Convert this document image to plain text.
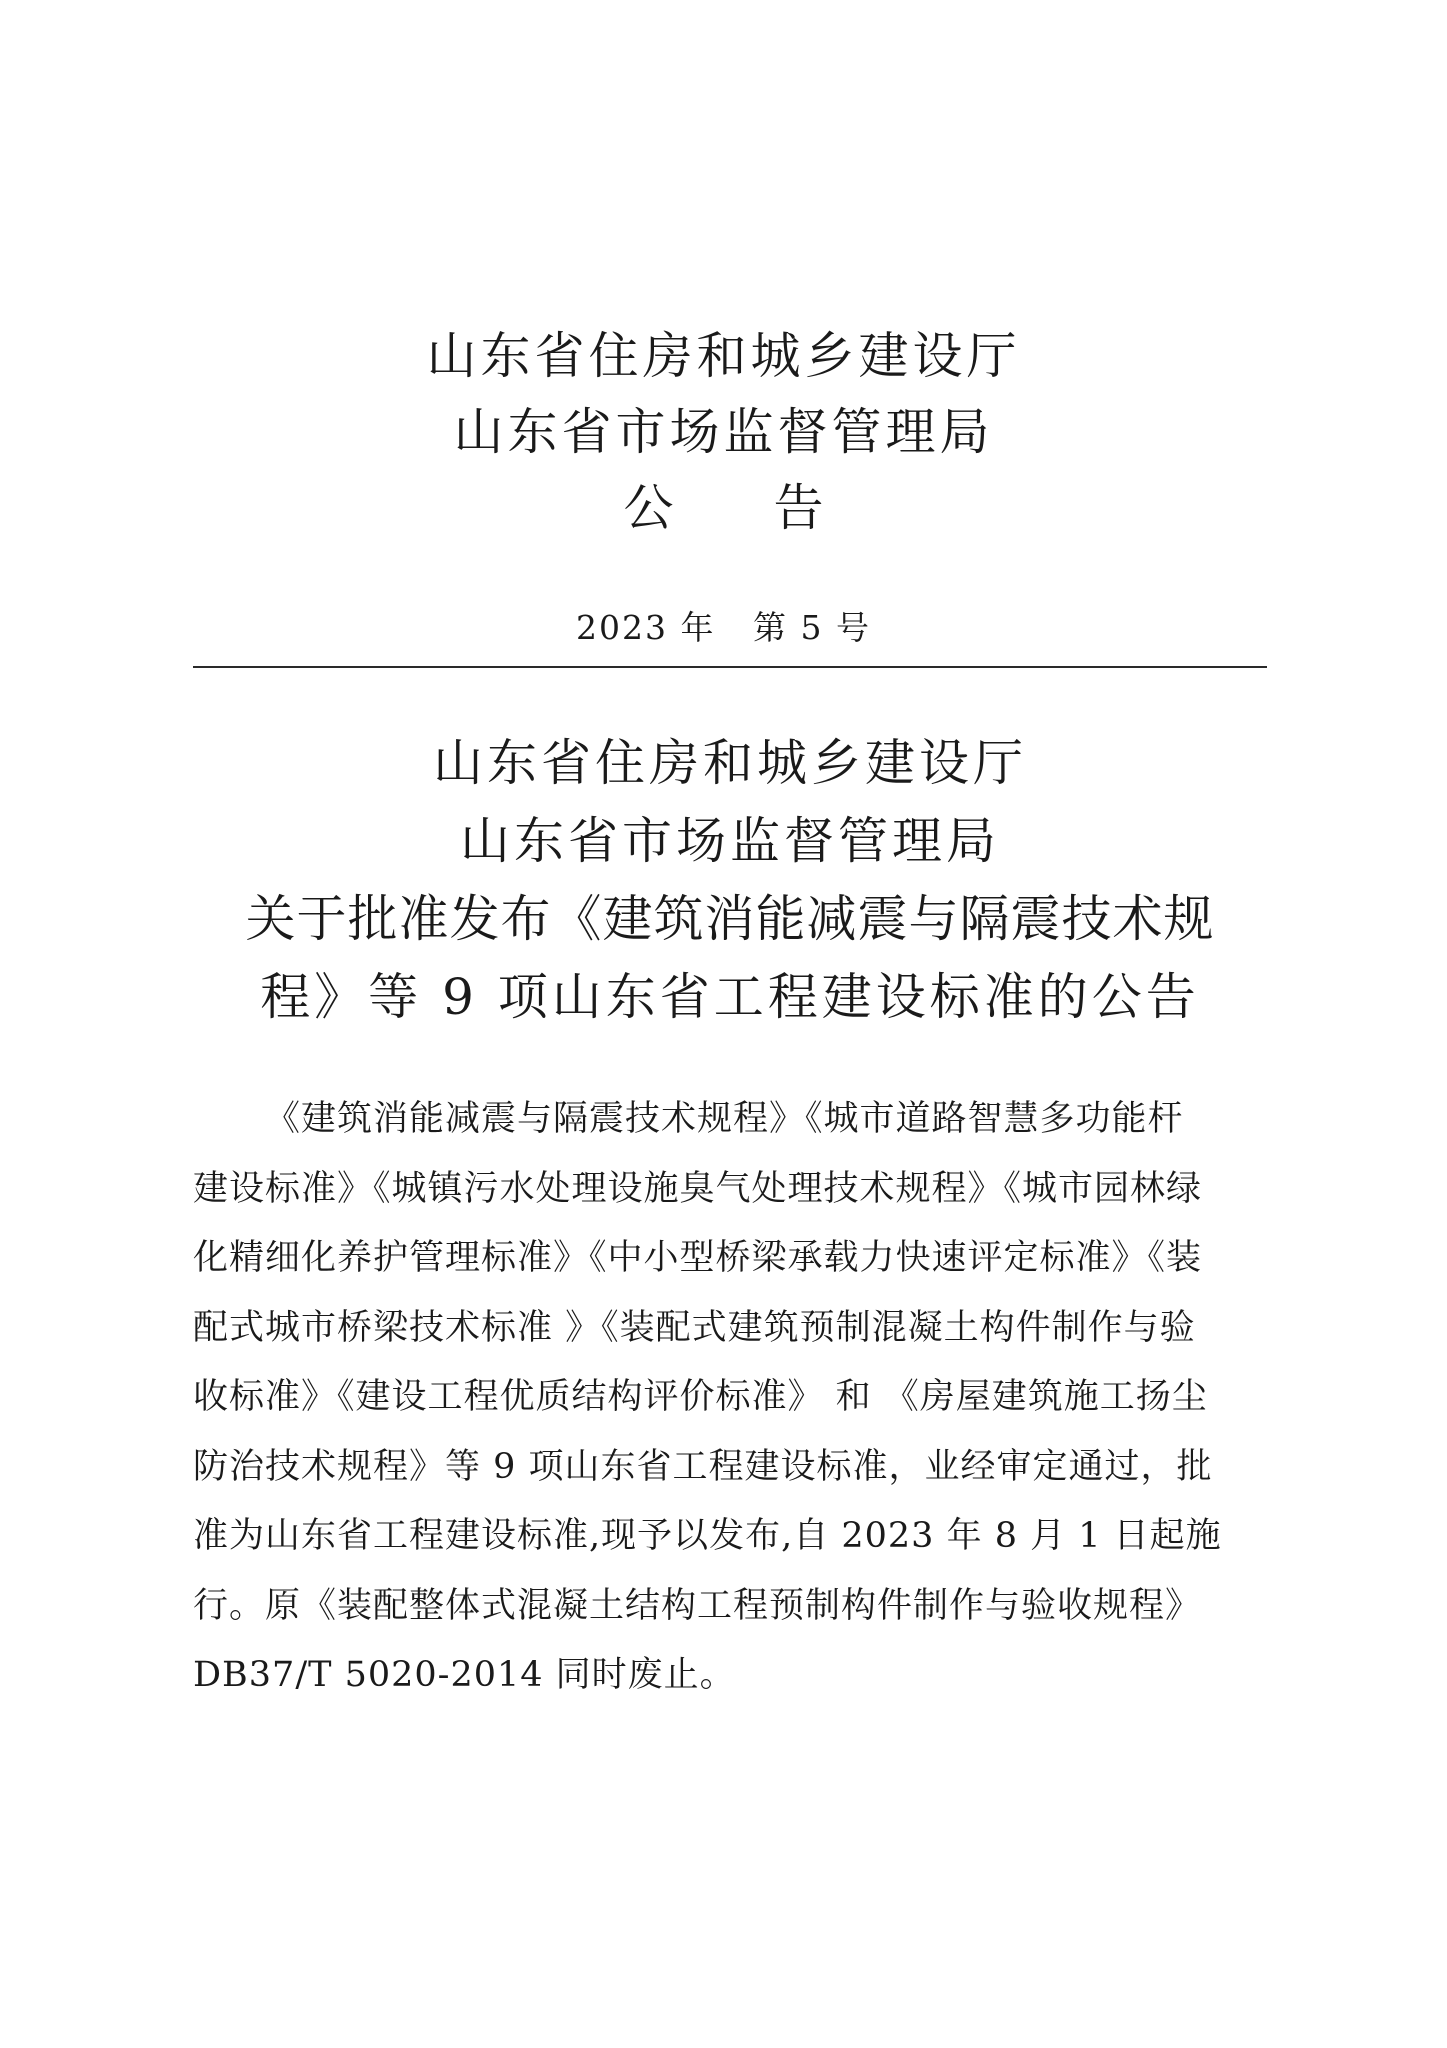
山东省住房和城乡建设厅
山东省市场监督管理局
公告
2023 年   第 5 号
山东省住房和城乡建设厅
山东省市场监督管理局
关于批准发布《建筑消能减震与隔震技术规
程》等 9 项山东省工程建设标准的公告
《建筑消能减震与隔震技术规程》《城市道路智慧多功能杆
建设标准》《城镇污水处理设施臭气处理技术规程》《城市园林绿
化精细化养护管理标准》《中小型桥梁承载力快速评定标准》《装
配式城市桥梁技术标准 》《装配式建筑预制混凝土构件制作与验
收标准》《建设工程优质结构评价标准》 和 《房屋建筑施工扬尘
防治技术规程》等 9 项山东省工程建设标准，业经审定通过，批
准为山东省工程建设标准,现予以发布,自 2023 年 8 月 1 日起施
行。原《装配整体式混凝土结构工程预制构件制作与验收规程》
DB37/T 5020-2014 同时废止。
